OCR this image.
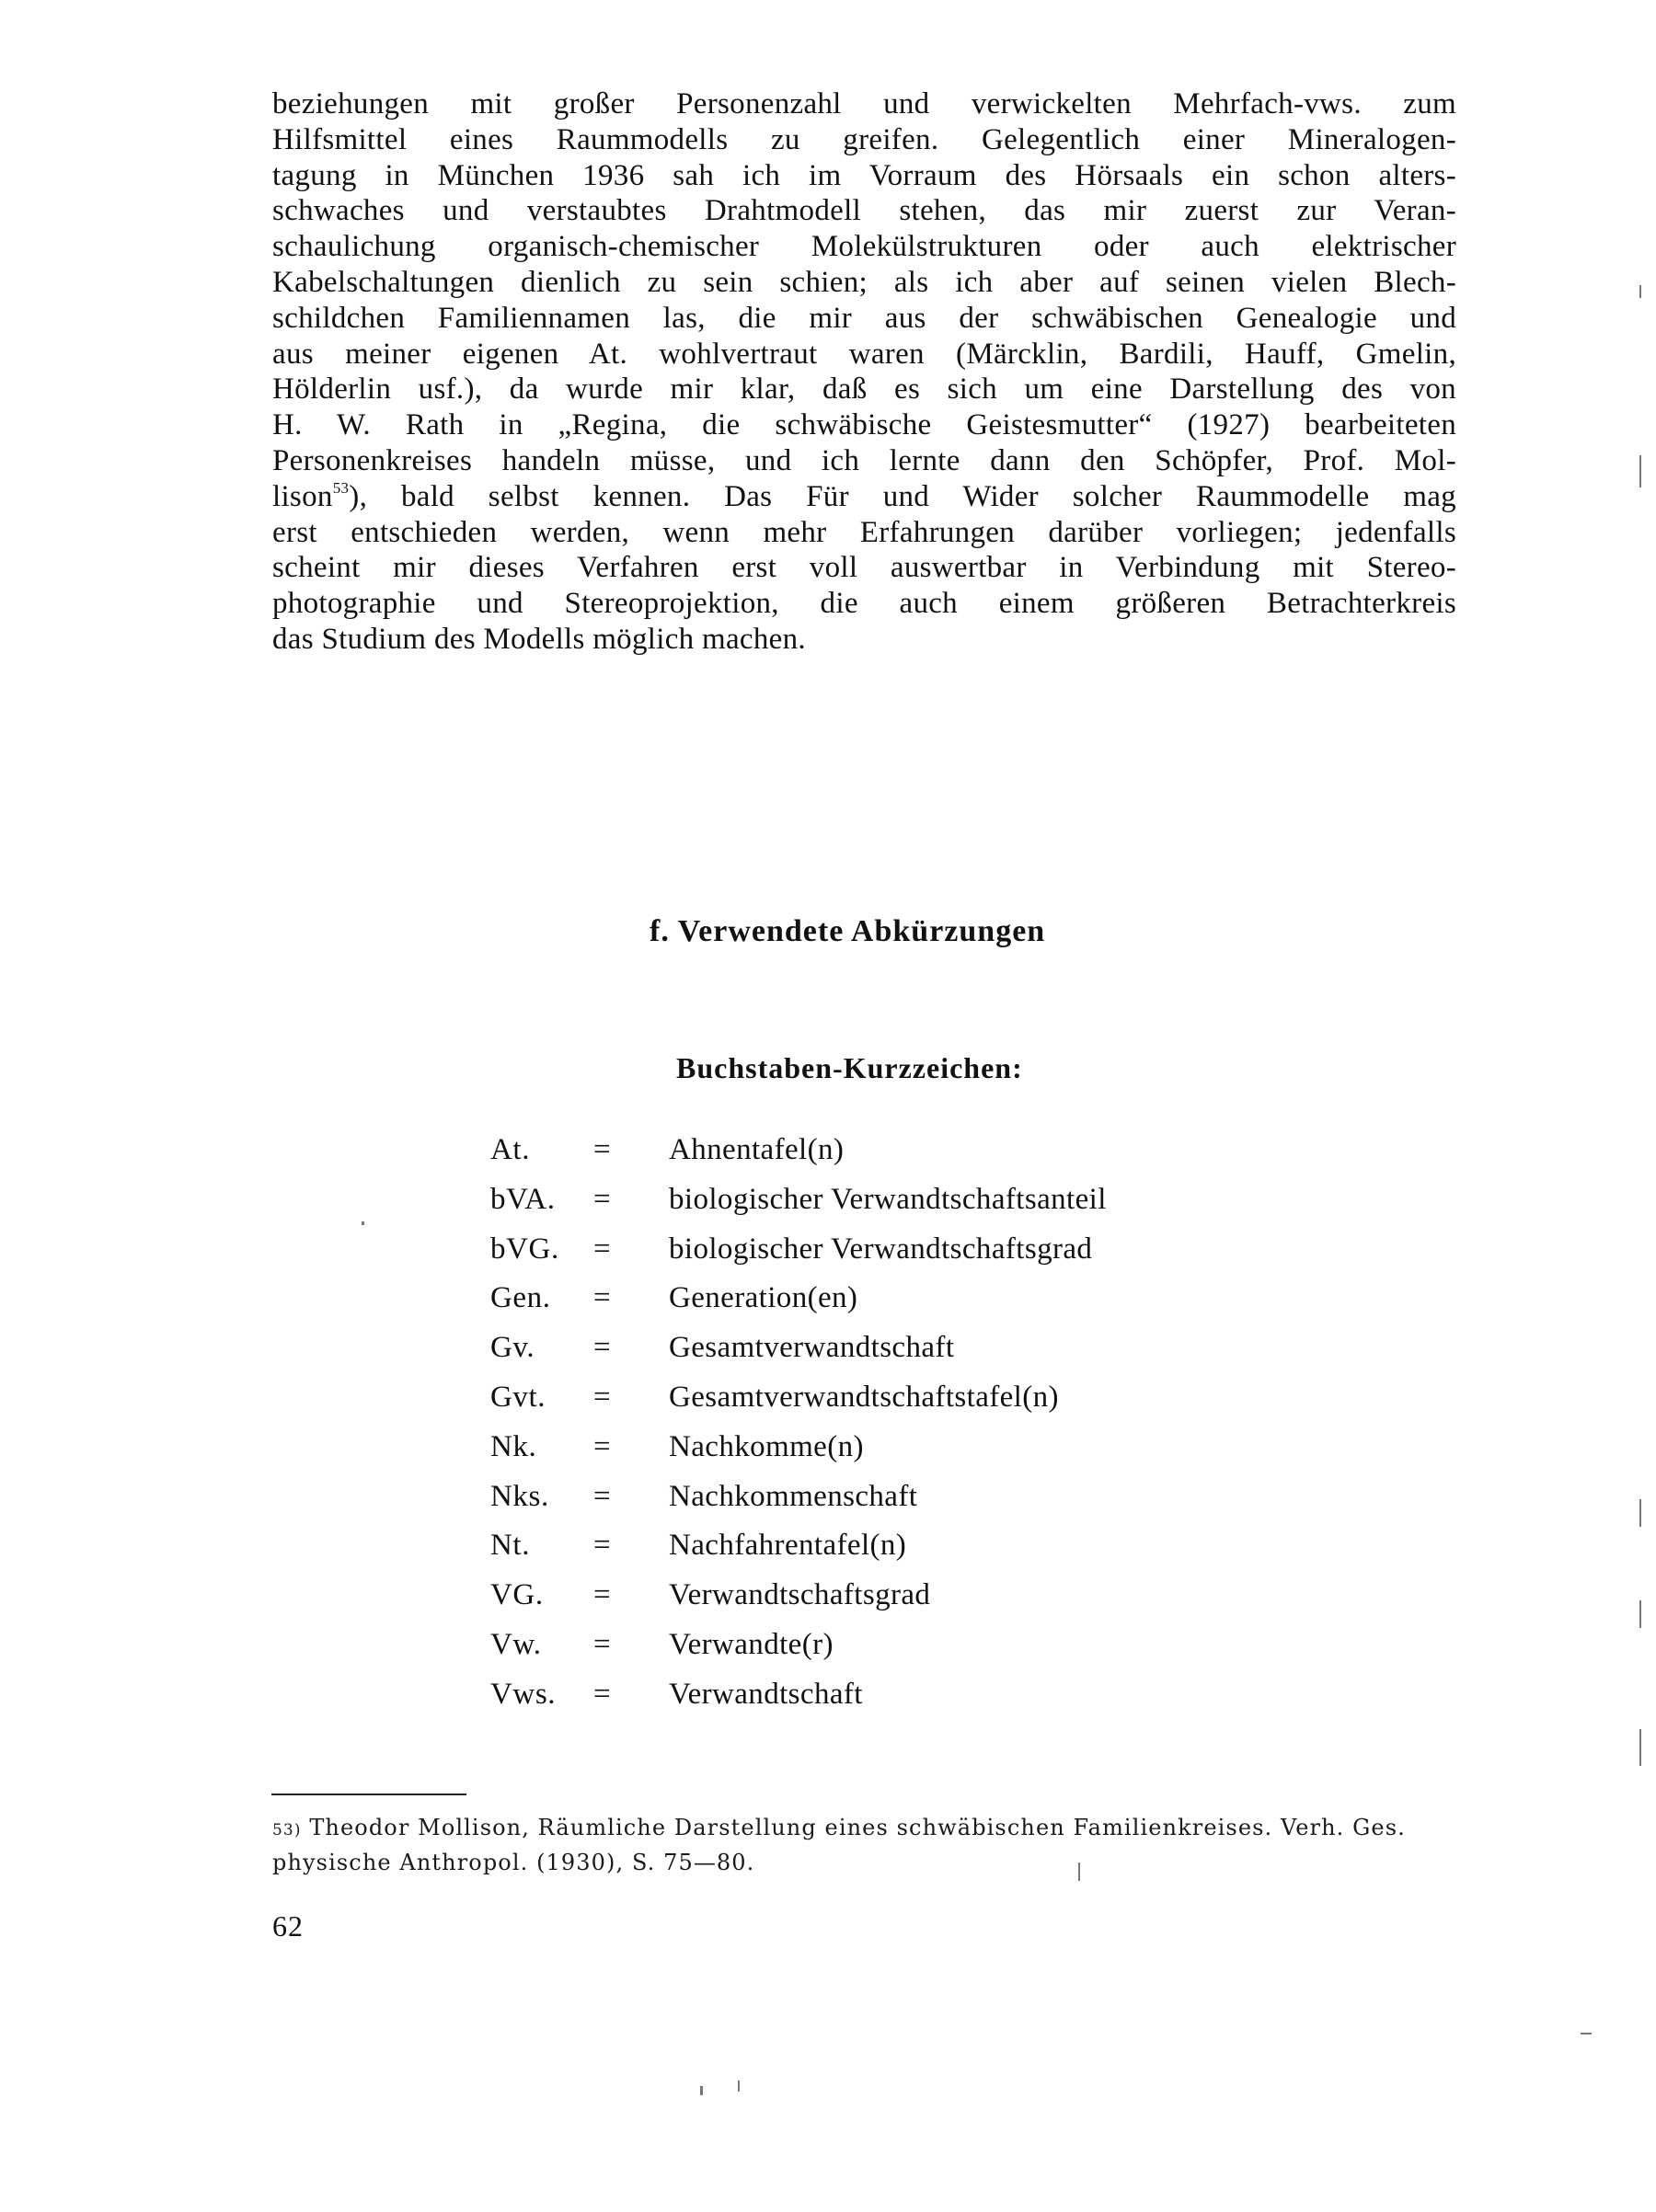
beziehungen mit großer Personenzahl und verwickelten Mehrfach-vws. zum
Hilfsmittel eines Raummodells zu greifen. Gelegentlich einer Mineralogen-
tagung in München 1936 sah ich im Vorraum des Hörsaals ein schon alters-
schwaches und verstaubtes Drahtmodell stehen, das mir zuerst zur Veran-
schaulichung organisch-chemischer Molekülstrukturen oder auch elektrischer
Kabelschaltungen dienlich zu sein schien; als ich aber auf seinen vielen Blech-
schildchen Familiennamen las, die mir aus der schwäbischen Genealogie und
aus meiner eigenen At. wohlvertraut waren (Märcklin, Bardili, Hauff, Gmelin,
Hölderlin usf.), da wurde mir klar, daß es sich um eine Darstellung des von
H. W. Rath in „Regina, die schwäbische Geistesmutter“ (1927) bearbeiteten
Personenkreises handeln müsse, und ich lernte dann den Schöpfer, Prof. Mol-
lison$^{53}$), bald selbst kennen. Das Für und Wider solcher Raummodelle mag
erst entschieden werden, wenn mehr Erfahrungen darüber vorliegen; jedenfalls
scheint mir dieses Verfahren erst voll auswertbar in Verbindung mit Stereo-
photographie und Stereoprojektion, die auch einem größeren Betrachterkreis
das Studium des Modells möglich machen.
f. Verwendete Abkürzungen
Buchstaben-Kurzzeichen:
At. = Ahnentafel(n)
bVA. = biologischer Verwandtschaftsanteil
bVG. = biologischer Verwandtschaftsgrad
Gen. = Generation(en)
Gv. = Gesamtverwandtschaft
Gvt. = Gesamtverwandtschaftstafel(n)
Nk. = Nachkomme(n)
Nks. = Nachkommenschaft
Nt. = Nachfahrentafel(n)
VG. = Verwandtschaftsgrad
Vw. = Verwandte(r)
Vws. = Verwandtschaft
53) Theodor Mollison, Räumliche Darstellung eines schwäbischen Familienkreises. Verh. Ges.
physische Anthropol. (1930), S. 75—80.
62
